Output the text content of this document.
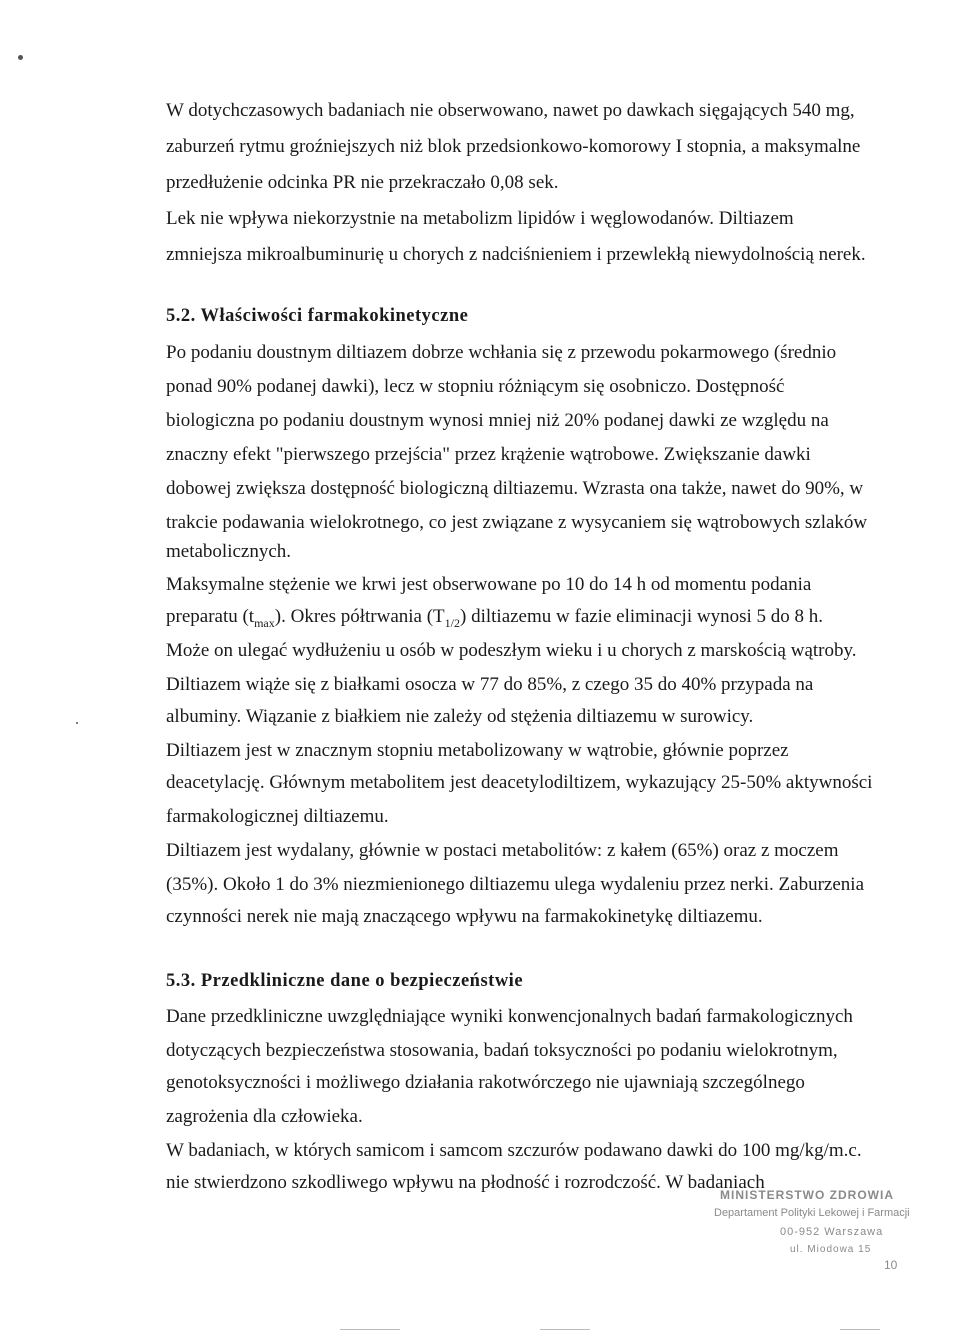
W dotychczasowych badaniach nie obserwowano, nawet po dawkach sięgających 540 mg,
zaburzeń rytmu groźniejszych niż blok przedsionkowo-komorowy I stopnia, a maksymalne
przedłużenie odcinka PR nie przekraczało 0,08 sek.
Lek nie wpływa niekorzystnie na metabolizm lipidów i węglowodanów. Diltiazem
zmniejsza mikroalbuminurię u chorych z nadciśnieniem i przewlekłą niewydolnością nerek.
5.2. Właściwości farmakokinetyczne
Po podaniu doustnym diltiazem dobrze wchłania się z przewodu pokarmowego (średnio
ponad 90% podanej dawki), lecz w stopniu różniącym się osobniczo. Dostępność
biologiczna po podaniu doustnym wynosi mniej niż 20% podanej dawki ze względu na
znaczny efekt "pierwszego przejścia" przez krążenie wątrobowe. Zwiększanie dawki
dobowej zwiększa dostępność biologiczną diltiazemu. Wzrasta ona także, nawet do 90%, w
trakcie podawania wielokrotnego, co jest związane z wysycaniem się wątrobowych szlaków
metabolicznych.
Maksymalne stężenie we krwi jest obserwowane po 10 do 14 h od momentu podania
preparatu $(t_{max})$. Okres półtrwania $(T_{1/2})$ diltiazemu w fazie eliminacji wynosi 5 do 8 h.
Może on ulegać wydłużeniu u osób w podeszłym wieku i u chorych z marskością wątroby.
Diltiazem wiąże się z białkami osocza w 77 do 85%, z czego 35 do 40% przypada na
albuminy. Wiązanie z białkiem nie zależy od stężenia diltiazemu w surowicy.
Diltiazem jest w znacznym stopniu metabolizowany w wątrobie, głównie poprzez
deacetylację. Głównym metabolitem jest deacetylodiltizem, wykazujący 25-50% aktywności
farmakologicznej diltiazemu.
Diltiazem jest wydalany, głównie w postaci metabolitów: z kałem (65%) oraz z moczem
(35%). Około 1 do 3% niezmienionego diltiazemu ulega wydaleniu przez nerki. Zaburzenia
czynności nerek nie mają znaczącego wpływu na farmakokinetykę diltiazemu.
5.3. Przedkliniczne dane o bezpieczeństwie
Dane przedkliniczne uwzględniające wyniki konwencjonalnych badań farmakologicznych
dotyczących bezpieczeństwa stosowania, badań toksyczności po podaniu wielokrotnym,
genotoksyczności i możliwego działania rakotwórczego nie ujawniają szczególnego
zagrożenia dla człowieka.
W badaniach, w których samicom i samcom szczurów podawano dawki do 100 mg/kg/m.c.
nie stwierdzono szkodliwego wpływu na płodność i rozrodczość. W badaniach
MINISTERSTWO ZDROWIA
Departament Polityki Lekowej i Farmacji
00-952 Warszawa
ul. Miodowa 15
10
